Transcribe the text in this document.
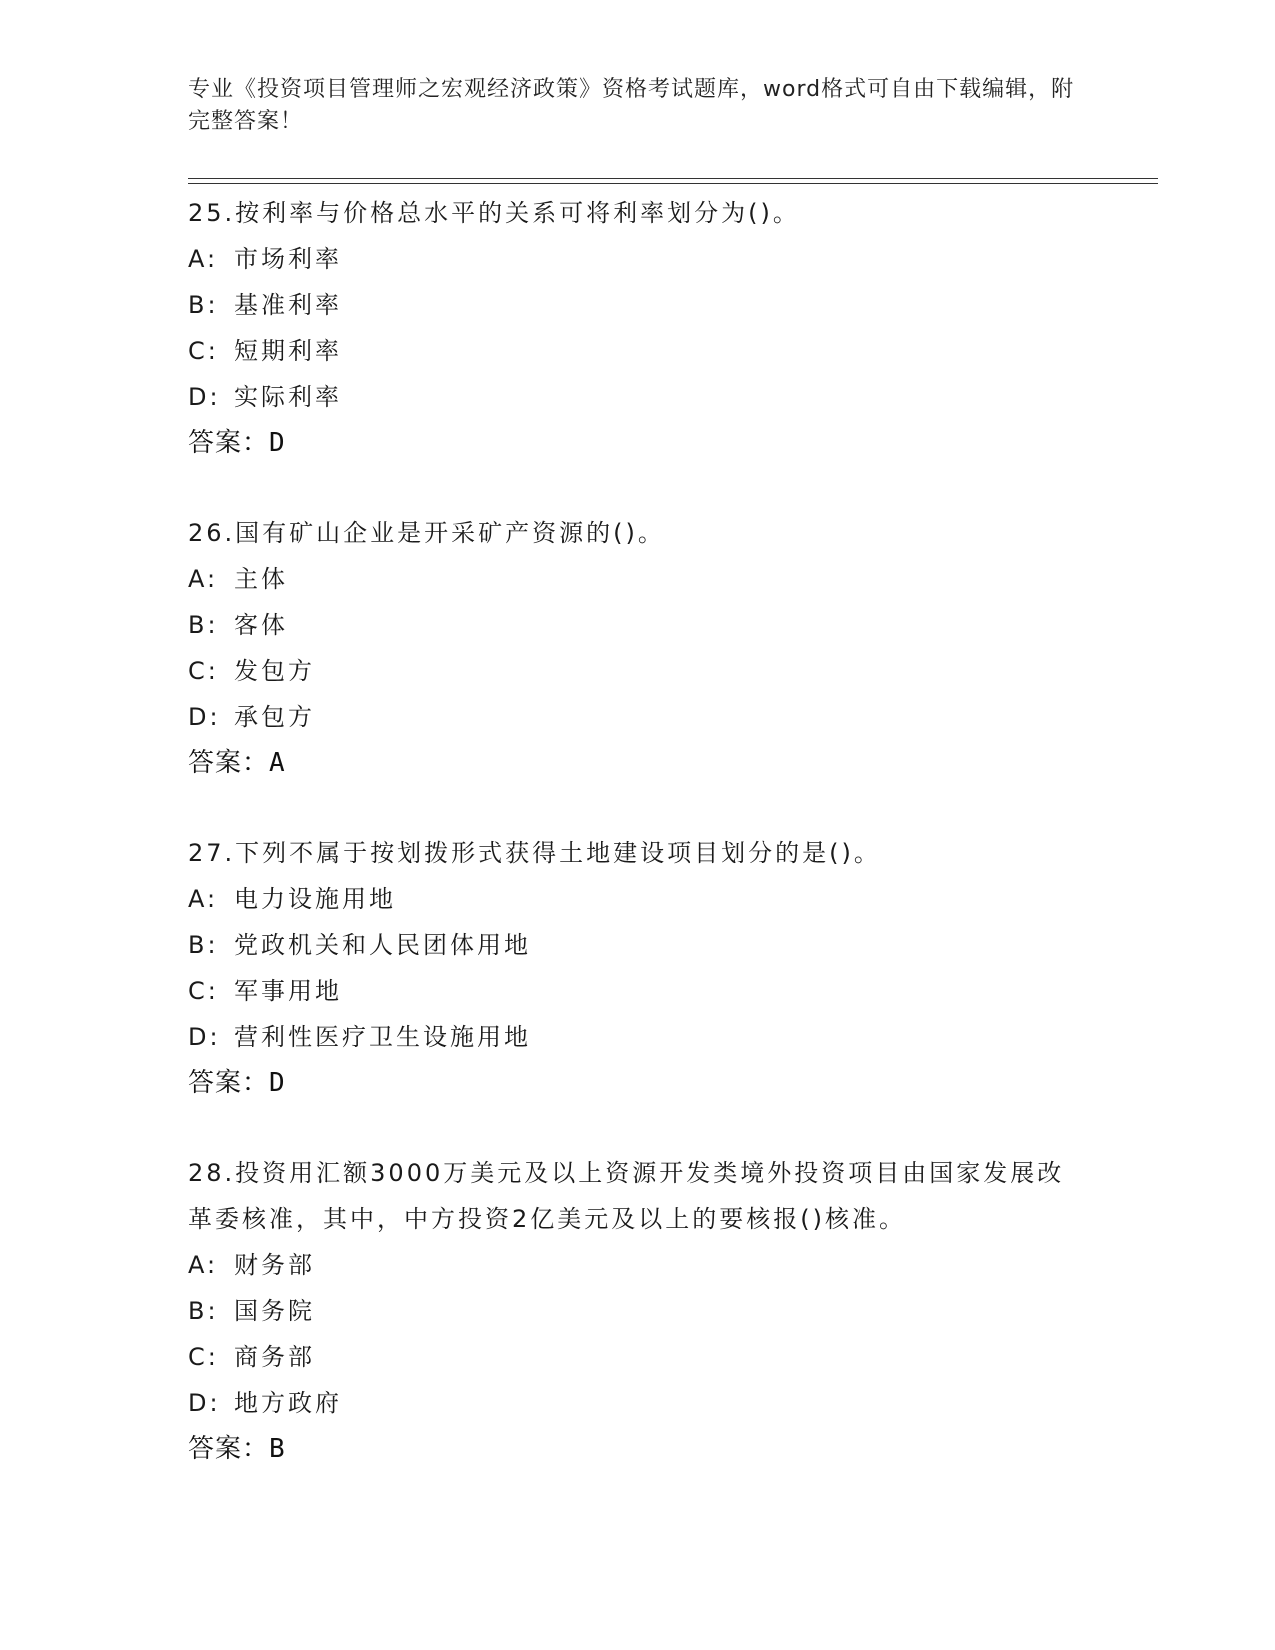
专业《投资项目管理师之宏观经济政策》资格考试题库，word格式可自由下载编辑，附完整答案！
25.按利率与价格总水平的关系可将利率划分为()。
A: 市场利率
B: 基准利率
C: 短期利率
D: 实际利率
答案：D
26.国有矿山企业是开采矿产资源的()。
A: 主体
B: 客体
C: 发包方
D: 承包方
答案：A
27.下列不属于按划拨形式获得土地建设项目划分的是()。
A: 电力设施用地
B: 党政机关和人民团体用地
C: 军事用地
D: 营利性医疗卫生设施用地
答案：D
28.投资用汇额3000万美元及以上资源开发类境外投资项目由国家发展改革委核准，其中，中方投资2亿美元及以上的要核报()核准。
A: 财务部
B: 国务院
C: 商务部
D: 地方政府
答案：B
